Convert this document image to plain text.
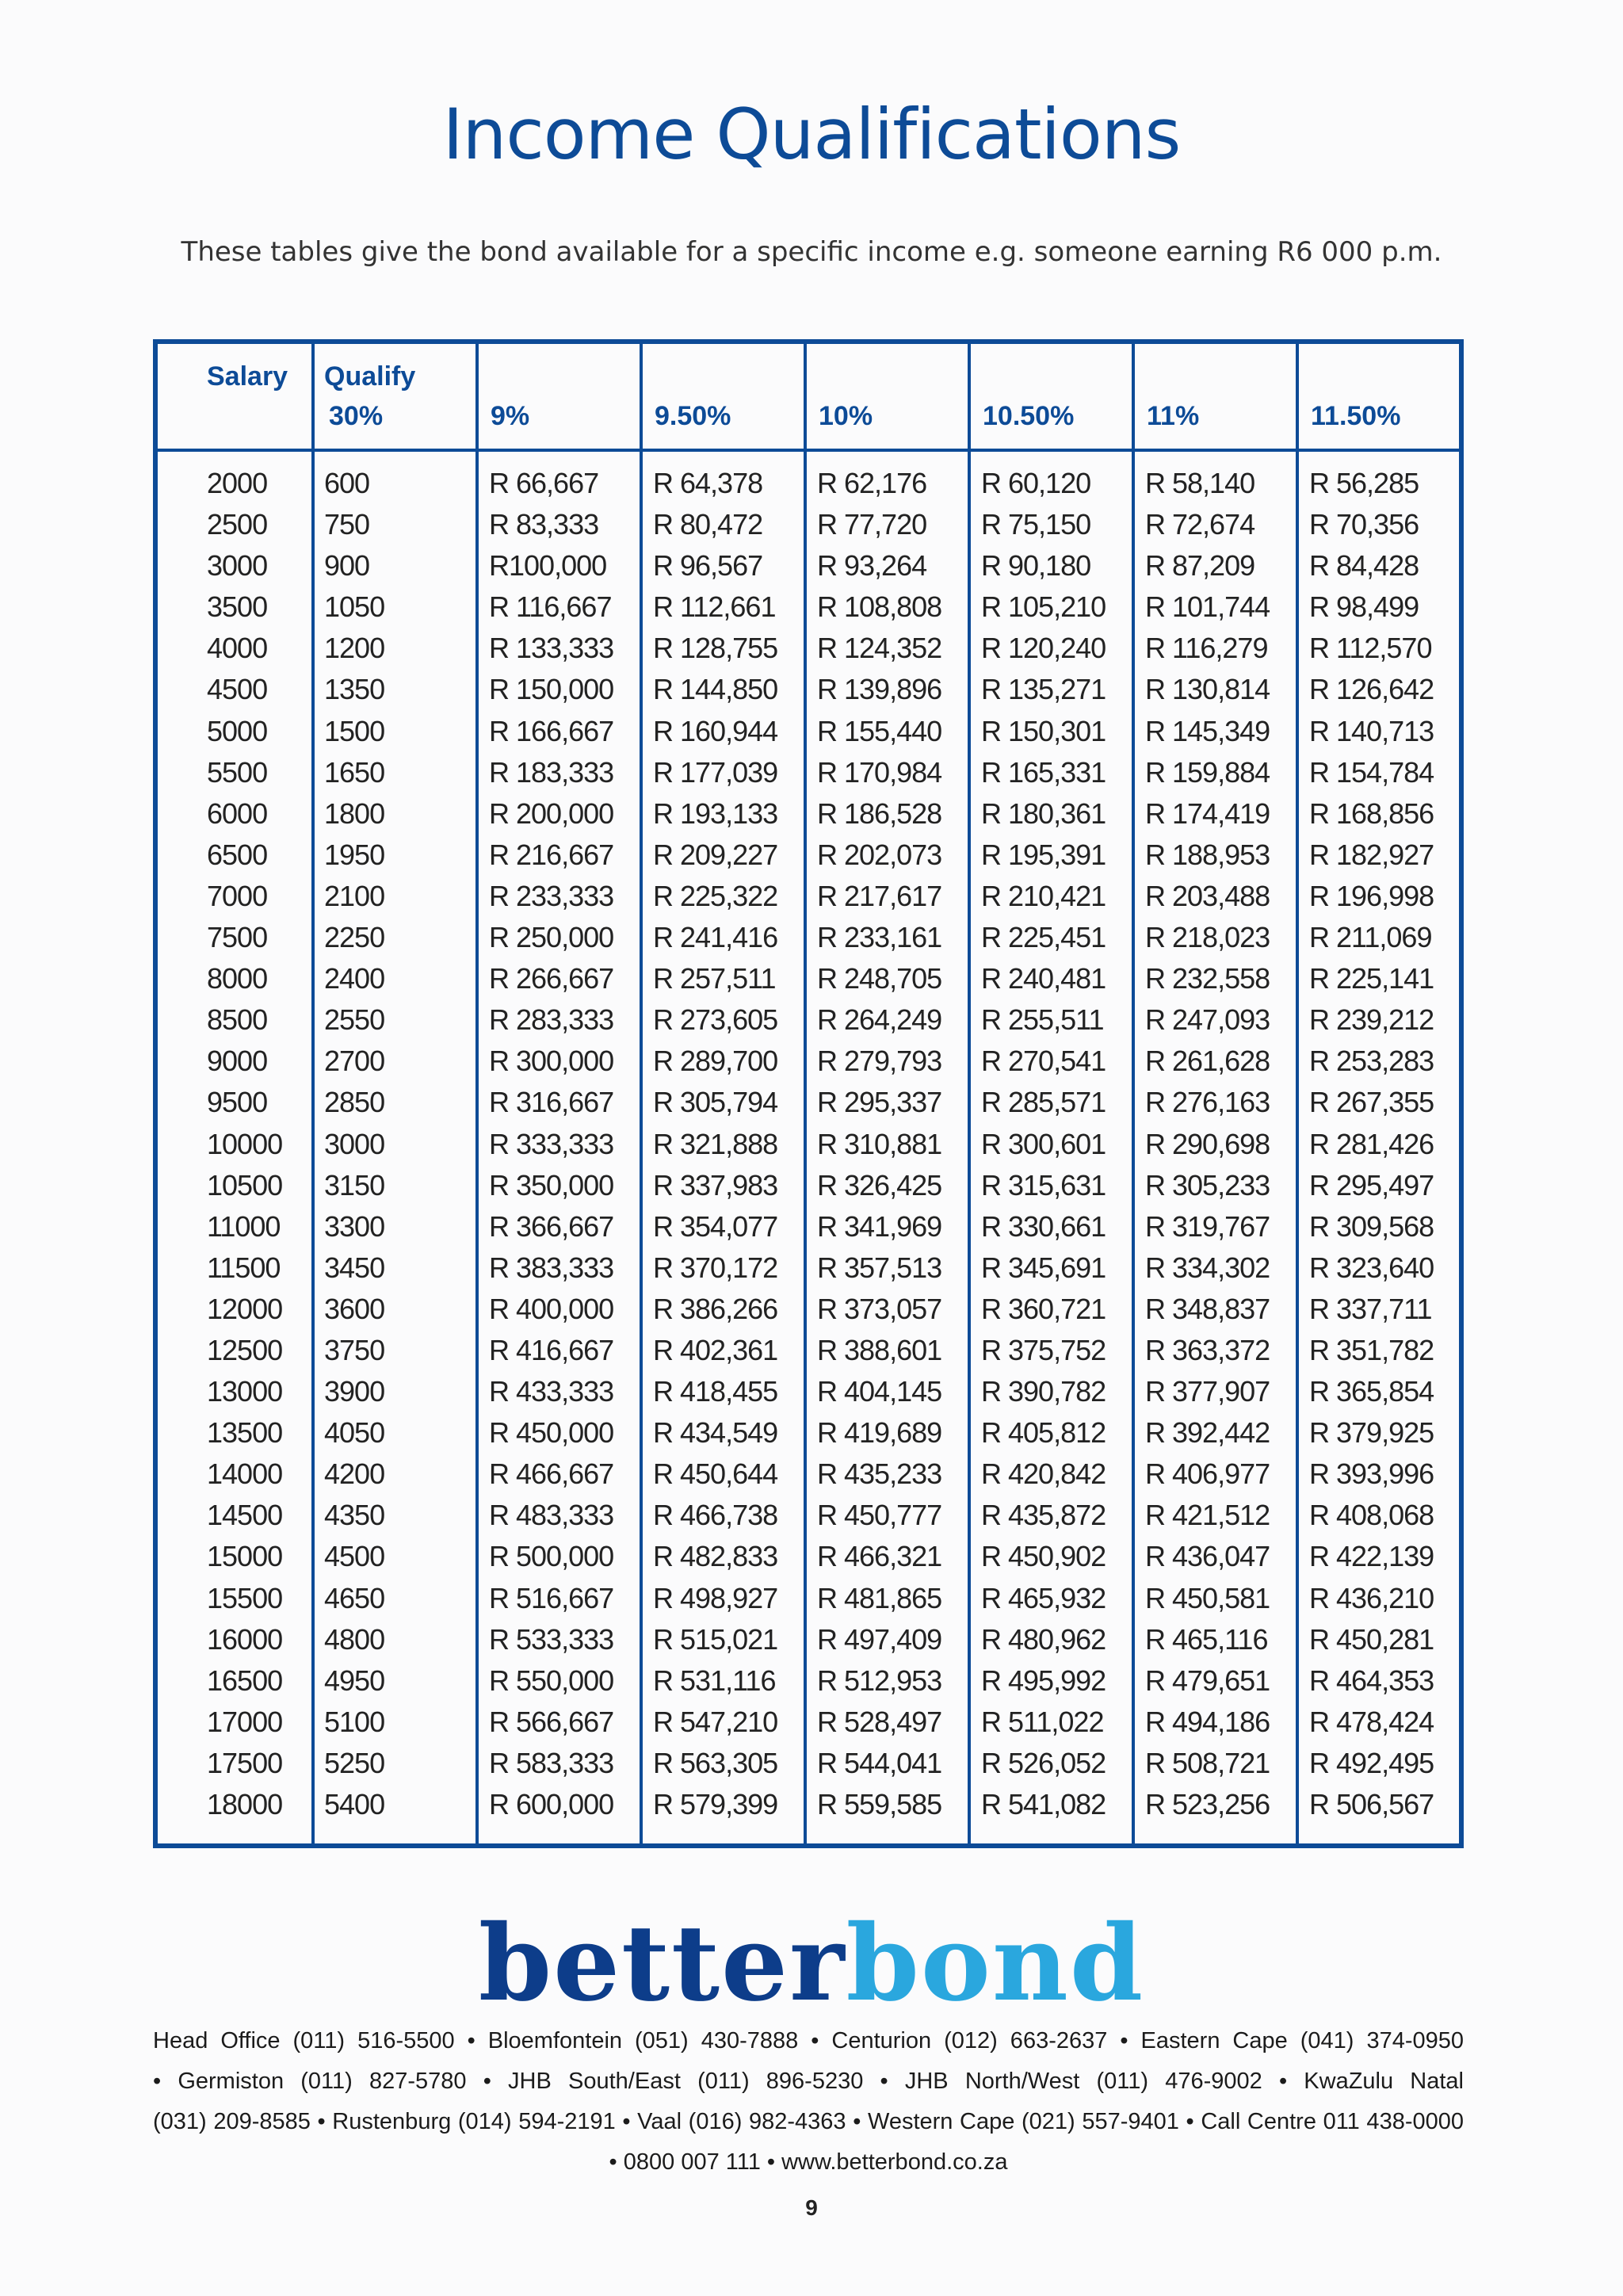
Income Qualifications
These tables give the bond available for a specific income e.g. someone earning R6 000 p.m.
Salary Qualify
30%	9%	9.50%	10%	10.50%	11%	11.50%
2000 600	R 66,667 R 64,378 R 62,176 R 60,120 R 58,140 R 56,285
2500 750	R 83,333 R 80,472 R 77,720 R 75,150 R 72,674 R 70,356
3000 900	R100,000 R 96,567 R 93,264 R 90,180 R 87,209 R 84,428
3500 1050	R 116,667 R 112,661 R 108,808 R 105,210 R 101,744 R 98,499
4000 1200	R 133,333 R 128,755 R 124,352 R 120,240 R 116,279 R 112,570
4500 1350	R 150,000 R 144,850 R 139,896 R 135,271 R 130,814 R 126,642
5000 1500	R 166,667 R 160,944 R 155,440 R 150,301 R 145,349 R 140,713
5500 1650	R 183,333 R 177,039 R 170,984 R 165,331 R 159,884 R 154,784
6000 1800	R 200,000 R 193,133 R 186,528 R 180,361 R 174,419 R 168,856
6500 1950	R 216,667 R 209,227 R 202,073 R 195,391 R 188,953 R 182,927
7000 2100	R 233,333 R 225,322 R 217,617 R 210,421 R 203,488 R 196,998
7500 2250	R 250,000 R 241,416 R 233,161 R 225,451 R 218,023 R 211,069
8000 2400	R 266,667 R 257,511 R 248,705 R 240,481 R 232,558 R 225,141
8500 2550	R 283,333 R 273,605 R 264,249 R 255,511 R 247,093 R 239,212
9000 2700	R 300,000 R 289,700 R 279,793 R 270,541 R 261,628 R 253,283
9500 2850	R 316,667 R 305,794 R 295,337 R 285,571 R 276,163 R 267,355
10000 3000	R 333,333 R 321,888 R 310,881 R 300,601 R 290,698 R 281,426
10500 3150	R 350,000 R 337,983 R 326,425 R 315,631 R 305,233 R 295,497
11000 3300	R 366,667 R 354,077 R 341,969 R 330,661 R 319,767 R 309,568
11500 3450	R 383,333 R 370,172 R 357,513 R 345,691 R 334,302 R 323,640
12000 3600	R 400,000 R 386,266 R 373,057 R 360,721 R 348,837 R 337,711
12500 3750	R 416,667 R 402,361 R 388,601 R 375,752 R 363,372 R 351,782
13000 3900	R 433,333 R 418,455 R 404,145 R 390,782 R 377,907 R 365,854
13500 4050	R 450,000 R 434,549 R 419,689 R 405,812 R 392,442 R 379,925
14000 4200	R 466,667 R 450,644 R 435,233 R 420,842 R 406,977 R 393,996
14500 4350	R 483,333 R 466,738 R 450,777 R 435,872 R 421,512 R 408,068
15000 4500	R 500,000 R 482,833 R 466,321 R 450,902 R 436,047 R 422,139
15500 4650	R 516,667 R 498,927 R 481,865 R 465,932 R 450,581 R 436,210
16000 4800	R 533,333 R 515,021 R 497,409 R 480,962 R 465,116 R 450,281
16500 4950	R 550,000 R 531,116 R 512,953 R 495,992 R 479,651 R 464,353
17000 5100	R 566,667 R 547,210 R 528,497 R 511,022 R 494,186 R 478,424
17500 5250	R 583,333 R 563,305 R 544,041 R 526,052 R 508,721 R 492,495
18000 5400	R 600,000 R 579,399 R 559,585 R 541,082 R 523,256 R 506,567
betterbond
Head Office (011) 516-5500 • Bloemfontein (051) 430-7888 • Centurion (012) 663-2637 • Eastern Cape (041) 374-0950
• Germiston (011) 827-5780 • JHB South/East (011) 896-5230 • JHB North/West (011) 476-9002 • KwaZulu Natal
(031) 209-8585 • Rustenburg (014) 594-2191 • Vaal (016) 982-4363 • Western Cape (021) 557-9401 • Call Centre 011 438-0000
• 0800 007 111 • www.betterbond.co.za
9
